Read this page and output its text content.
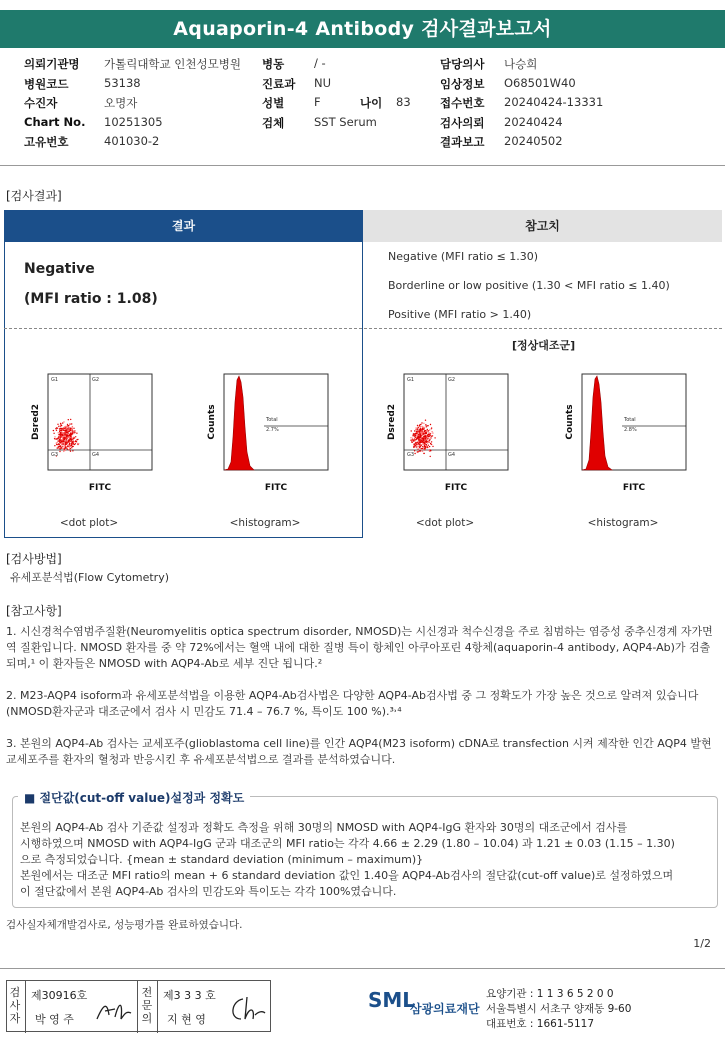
Aquaporin-4 Antibody 검사결과보고서
의뢰기관명 가톨릭대학교 인천성모병원
병원코드	53138
수진자	오명자
Chart No. 10251305
고유번호	401030-2
병동	/ -
진료과 NU
성별	F	나이 83
검체	SST Serum
담당의사 나승희
임상정보 O68501W40
접수번호 20240424-13331
검사의뢰 20240424
결과보고 20240502
[검사결과]
결과	참고치
Negative
(MFI ratio : 1.08)
Negative (MFI ratio ≤ 1.30)
Borderline or low positive (1.30 < MFI ratio ≤ 1.40)
Positive (MFI ratio > 1.40)
[정상대조군]
G1	G2
G3	G4
Dsred2
FITC
<dot plot>
Total
2.7%
Counts
FITC
<histogram>
G1	G2
G3	G4
Dsred2
FITC
<dot plot>
Total
2.8%
Counts
FITC
<histogram>
[검사방법]
유세포분석법(Flow Cytometry)
[참고사항]
1. 시신경척수염범주질환(Neuromyelitis optica spectrum disorder, NMOSD)는 시신경과 척수신경을 주로 침범하는 염증성 중추신경계 자가면역 질환입니다. NMOSD 환자를 중 약 72%에서는 혈액 내에 대한 질병 특이 항체인 아쿠아포린 4항체(aquaporin-4 antibody, AQP4-Ab)가 검출되며,¹ 이 환자들은 NMOSD with AQP4-Ab로 세부 진단 됩니다.²
2. M23-AQP4 isoform과 유세포분석법을 이용한 AQP4-Ab검사법은 다양한 AQP4-Ab검사법 중 그 정확도가 가장 높은 것으로 알려져 있습니다(NMOSD환자군과 대조군에서 검사 시 민감도 71.4 – 76.7 %, 특이도 100 %).³˒⁴
3. 본원의 AQP4-Ab 검사는 교세포주(glioblastoma cell line)를 인간 AQP4(M23 isoform) cDNA로 transfection 시켜 제작한 인간 AQP4 발현 교세포주를 환자의 혈청과 반응시킨 후 유세포분석법으로 결과를 분석하였습니다.
■ 절단값(cut-off value)설정과 정확도
본원의 AQP4-Ab 검사 기준값 설정과 정확도 측정을 위해 30명의 NMOSD with AQP4-IgG 환자와 30명의 대조군에서 검사를
시행하였으며 NMOSD with AQP4-IgG 군과 대조군의 MFI ratio는 각각 4.66 ± 2.29 (1.80 – 10.04) 과 1.21 ± 0.03 (1.15 – 1.30)
으로 측정되었습니다. {mean ± standard deviation (minimum – maximum)}
본원에서는 대조군 MFI ratio의 mean + 6 standard deviation 값인 1.40을 AQP4-Ab검사의 절단값(cut-off value)로 설정하였으며
이 절단값에서 본원 AQP4-Ab 검사의 민감도와 특이도는 각각 100%였습니다.
검사실자체개발검사로, 성능평가를 완료하였습니다.
1/2
검사자
제30916호
박 영 주
전문의
제3 3 3 호
지 현 영
SML
삼광의료재단
요양기관 : 1 1 3 6 5 2 0 0
서울특별시 서초구 양재동 9-60
대표번호 : 1661-5117
